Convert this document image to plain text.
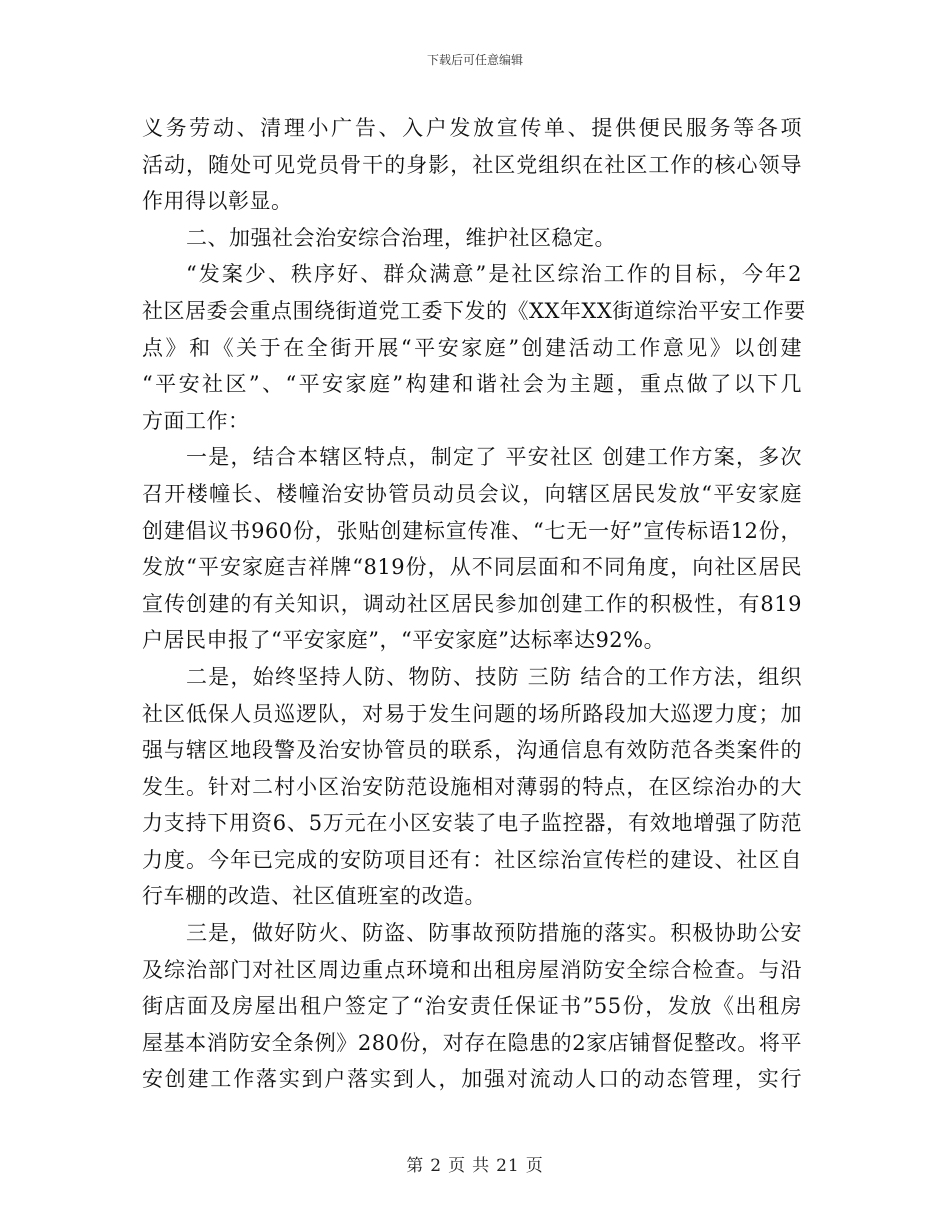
下载后可任意编辑
义务劳动、清理小广告、入户发放宣传单、提供便民服务等各项
活动，随处可见党员骨干的身影，社区党组织在社区工作的核心领导
作用得以彰显。
二、加强社会治安综合治理，维护社区稳定。
“发案少、秩序好、群众满意”是社区综治工作的目标，今年2
社区居委会重点围绕街道党工委下发的《XX年XX街道综治平安工作要
点》和《关于在全街开展“平安家庭”创建活动工作意见》以创建
“平安社区”、“平安家庭”构建和谐社会为主题，重点做了以下几
方面工作：
一是，结合本辖区特点，制定了 平安社区 创建工作方案，多次
召开楼幢长、楼幢治安协管员动员会议，向辖区居民发放“平安家庭
创建倡议书960份，张贴创建标宣传准、“七无一好”宣传标语12份，
发放“平安家庭吉祥牌“819份，从不同层面和不同角度，向社区居民
宣传创建的有关知识，调动社区居民参加创建工作的积极性，有819
户居民申报了“平安家庭”，“平安家庭”达标率达92%。
二是，始终坚持人防、物防、技防 三防 结合的工作方法，组织
社区低保人员巡逻队，对易于发生问题的场所路段加大巡逻力度；加
强与辖区地段警及治安协管员的联系，沟通信息有效防范各类案件的
发生。针对二村小区治安防范设施相对薄弱的特点，在区综治办的大
力支持下用资6、5万元在小区安装了电子监控器，有效地增强了防范
力度。今年已完成的安防项目还有：社区综治宣传栏的建设、社区自
行车棚的改造、社区值班室的改造。
三是，做好防火、防盗、防事故预防措施的落实。积极协助公安
及综治部门对社区周边重点环境和出租房屋消防安全综合检查。与沿
街店面及房屋出租户签定了“治安责任保证书”55份，发放《出租房
屋基本消防安全条例》280份，对存在隐患的2家店铺督促整改。将平
安创建工作落实到户落实到人，加强对流动人口的动态管理，实行
第 2 页 共 21 页
